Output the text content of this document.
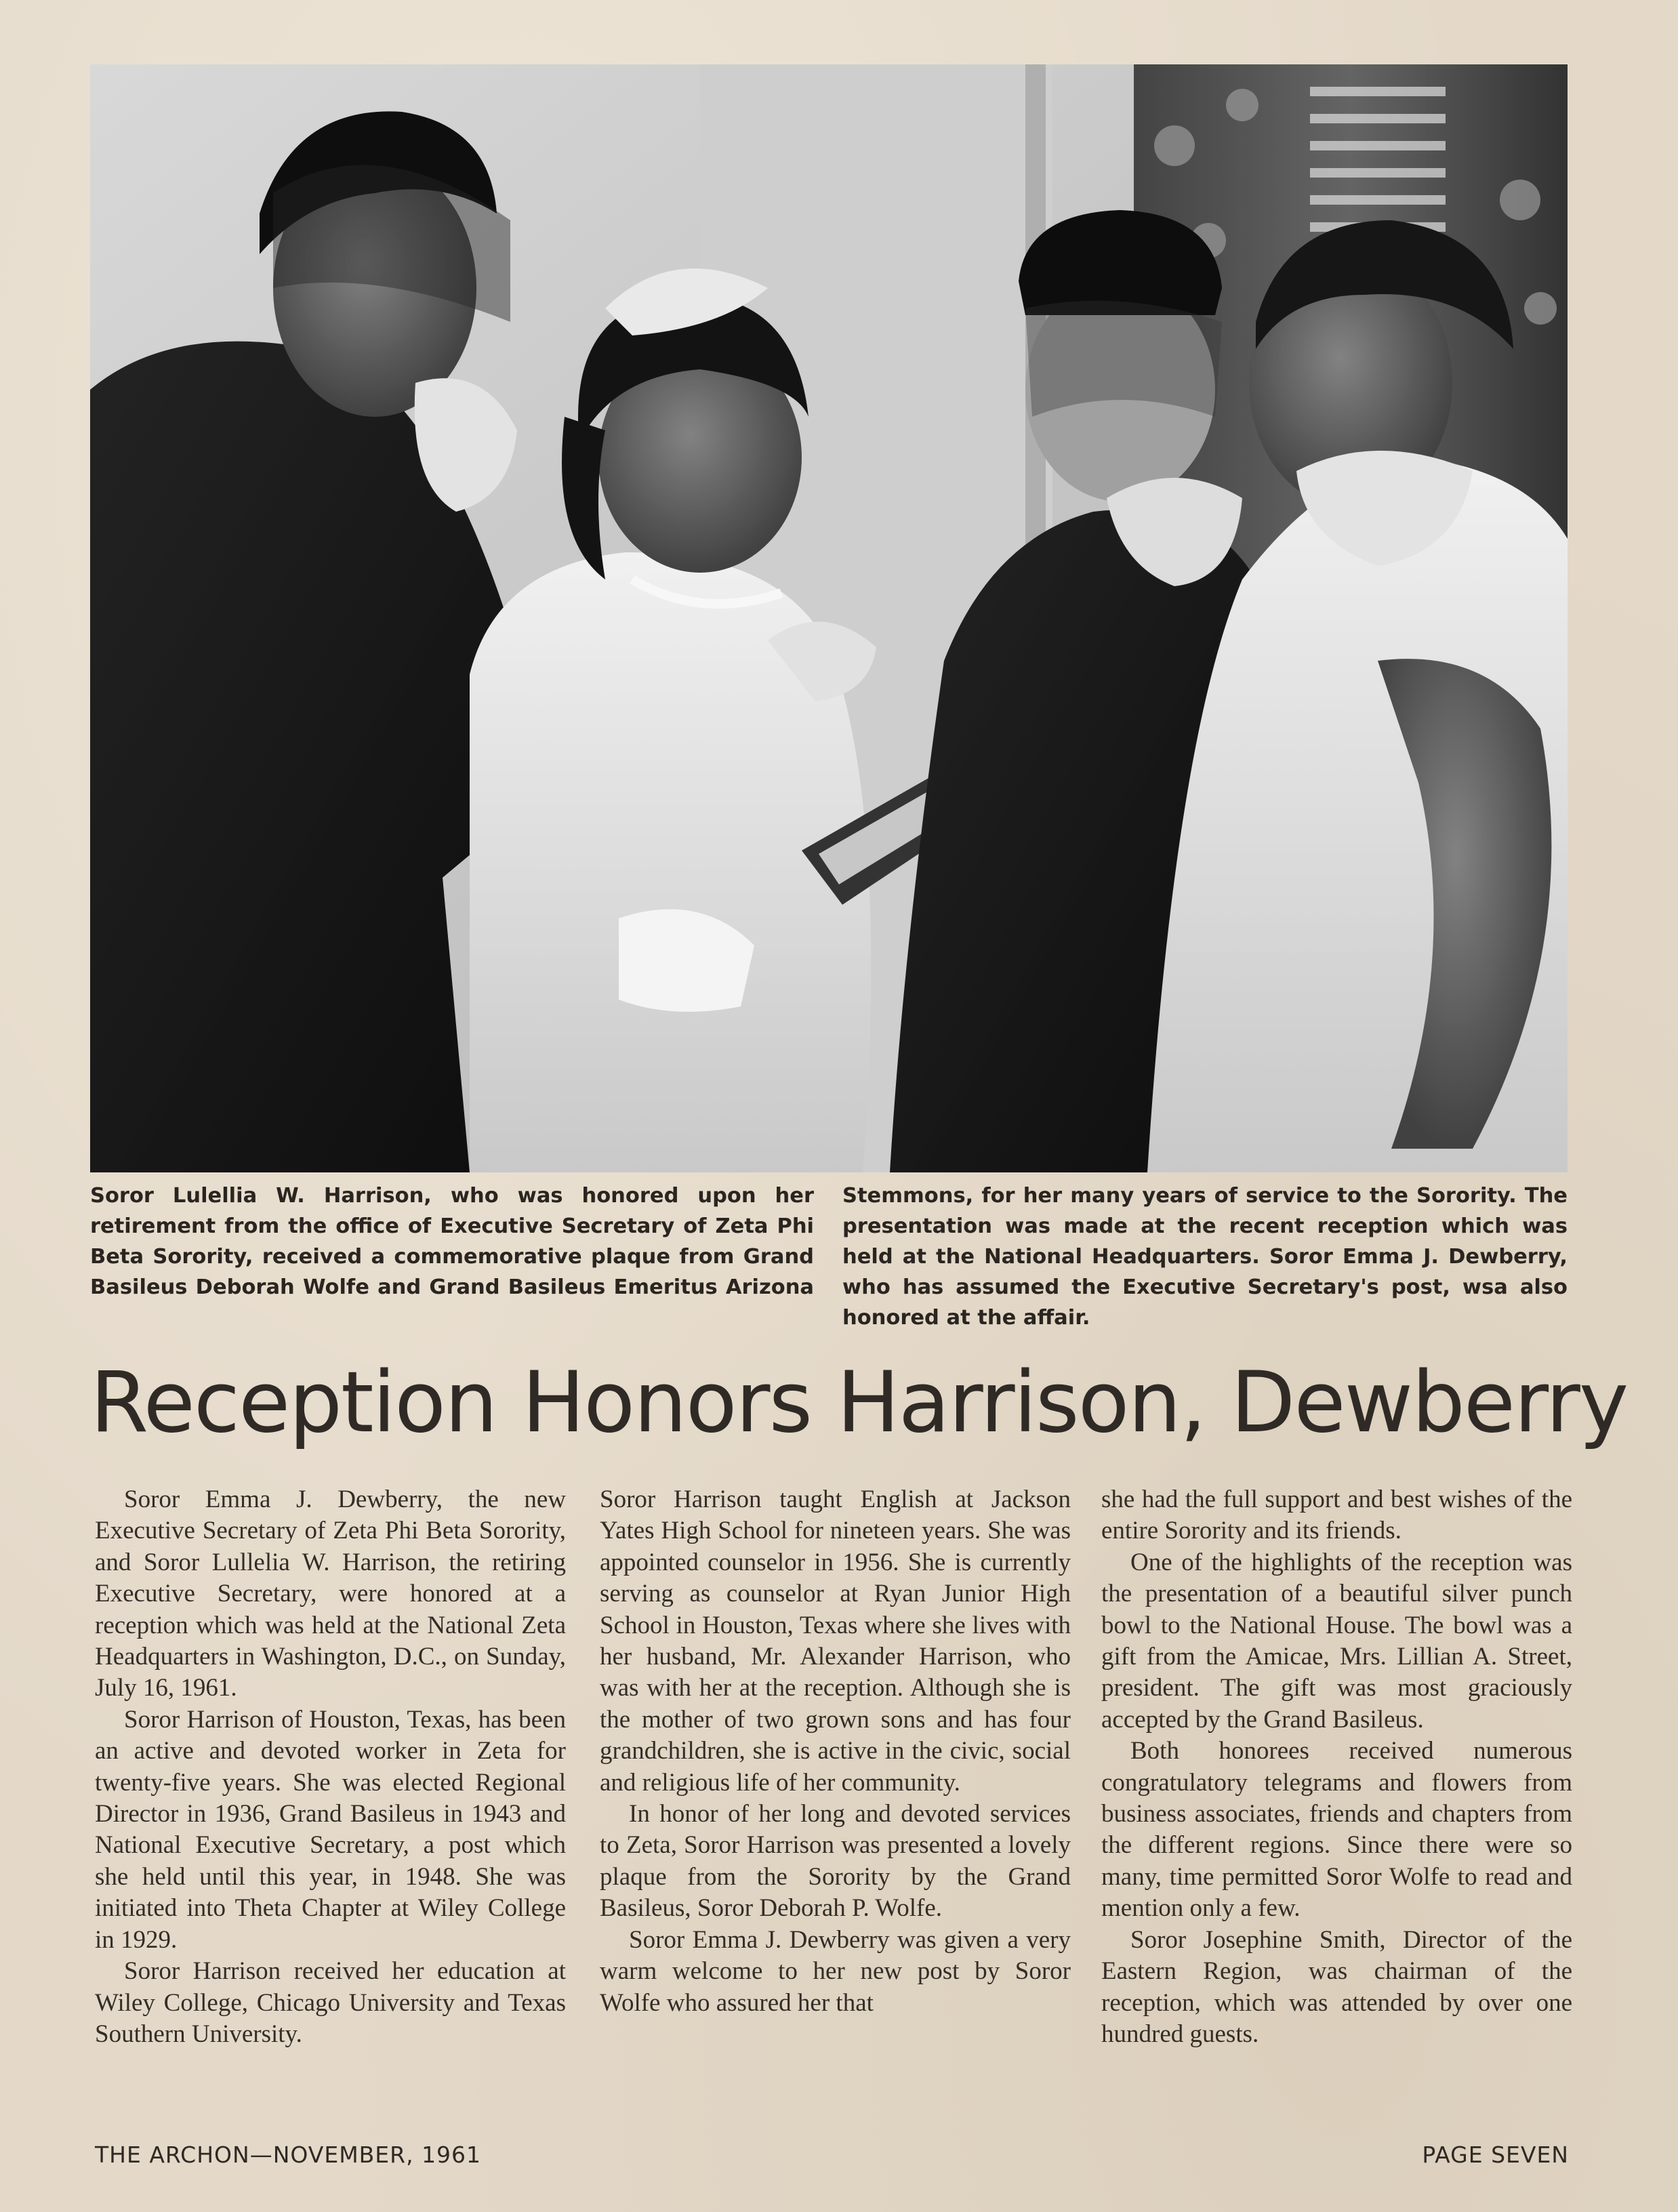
Soror Lulellia W. Harrison, who was honored upon her retirement from the office of Executive Secretary of Zeta Phi Beta Sorority, received a commemorative plaque from Grand Basileus Deborah Wolfe and Grand Basileus Emeritus Arizona
Stemmons, for her many years of service to the Sorority. The presentation was made at the recent reception which was held at the National Headquarters. Soror Emma J. Dewberry, who has assumed the Executive Secretary's post, wsa also honored at the affair.
Reception Honors Harrison, Dewberry

Soror Emma J. Dewberry, the new Executive Secretary of Zeta Phi Beta Sorority, and Soror Lullelia W. Harrison, the retiring Executive Secretary, were honored at a reception which was held at the National Zeta Headquarters in Washington, D.C., on Sunday, July 16, 1961.

Soror Harrison of Houston, Texas, has been an active and devoted worker in Zeta for twenty-five years. She was elected Regional Director in 1936, Grand Basileus in 1943 and National Executive Secretary, a post which she held until this year, in 1948. She was initiated into Theta Chapter at Wiley College in 1929.

Soror Harrison received her education at Wiley College, Chicago University and Texas Southern University.

Soror Harrison taught English at Jackson Yates High School for nineteen years. She was appointed counselor in 1956. She is currently serving as counselor at Ryan Junior High School in Houston, Texas where she lives with her husband, Mr. Alexander Harrison, who was with her at the reception. Although she is the mother of two grown sons and has four grandchildren, she is active in the civic, social and religious life of her community.

In honor of her long and devoted services to Zeta, Soror Harrison was presented a lovely plaque from the Sorority by the Grand Basileus, Soror Deborah P. Wolfe.

Soror Emma J. Dewberry was given a very warm welcome to her new post by Soror Wolfe who assured her that

she had the full support and best wishes of the entire Sorority and its friends.

One of the highlights of the reception was the presentation of a beautiful silver punch bowl to the National House. The bowl was a gift from the Amicae, Mrs. Lillian A. Street, president. The gift was most graciously accepted by the Grand Basileus.

Both honorees received numerous congratulatory telegrams and flowers from business associates, friends and chapters from the different regions. Since there were so many, time permitted Soror Wolfe to read and mention only a few.

Soror Josephine Smith, Director of the Eastern Region, was chairman of the reception, which was attended by over one hundred guests.

THE ARCHON—NOVEMBER, 1961	PAGE SEVEN
